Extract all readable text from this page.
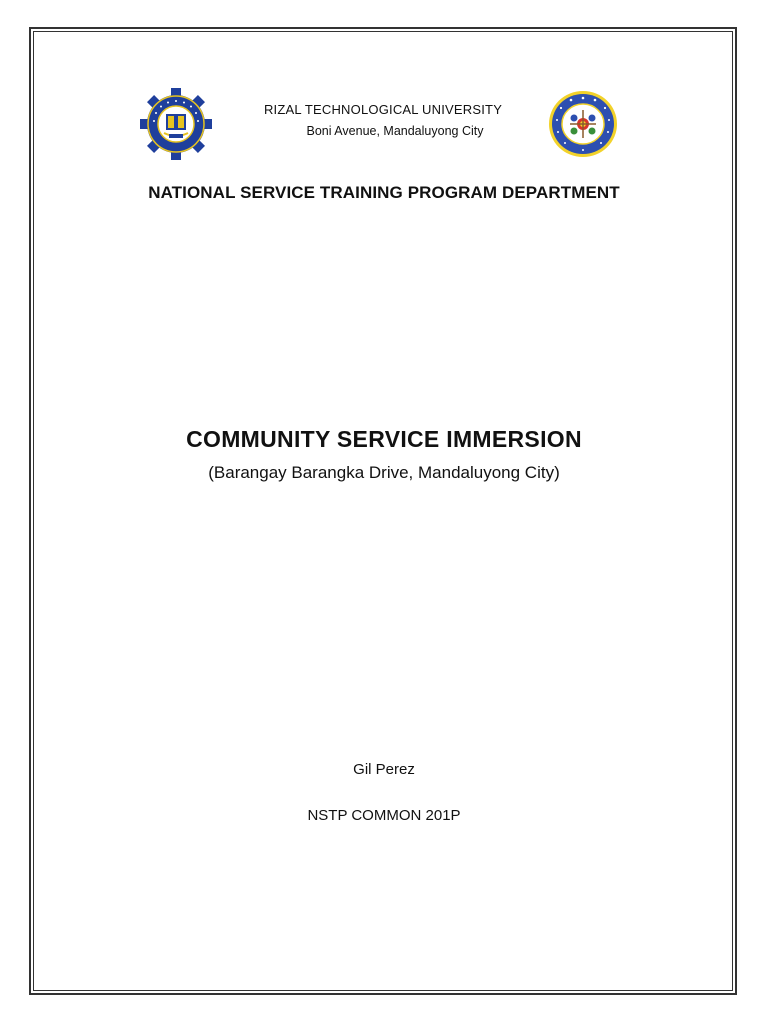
RIZAL TECHNOLOGICAL UNIVERSITY
Boni Avenue, Mandaluyong City
NATIONAL SERVICE TRAINING PROGRAM DEPARTMENT
COMMUNITY SERVICE IMMERSION
(Barangay Barangka Drive, Mandaluyong City)
Gil Perez
NSTP COMMON 201P
